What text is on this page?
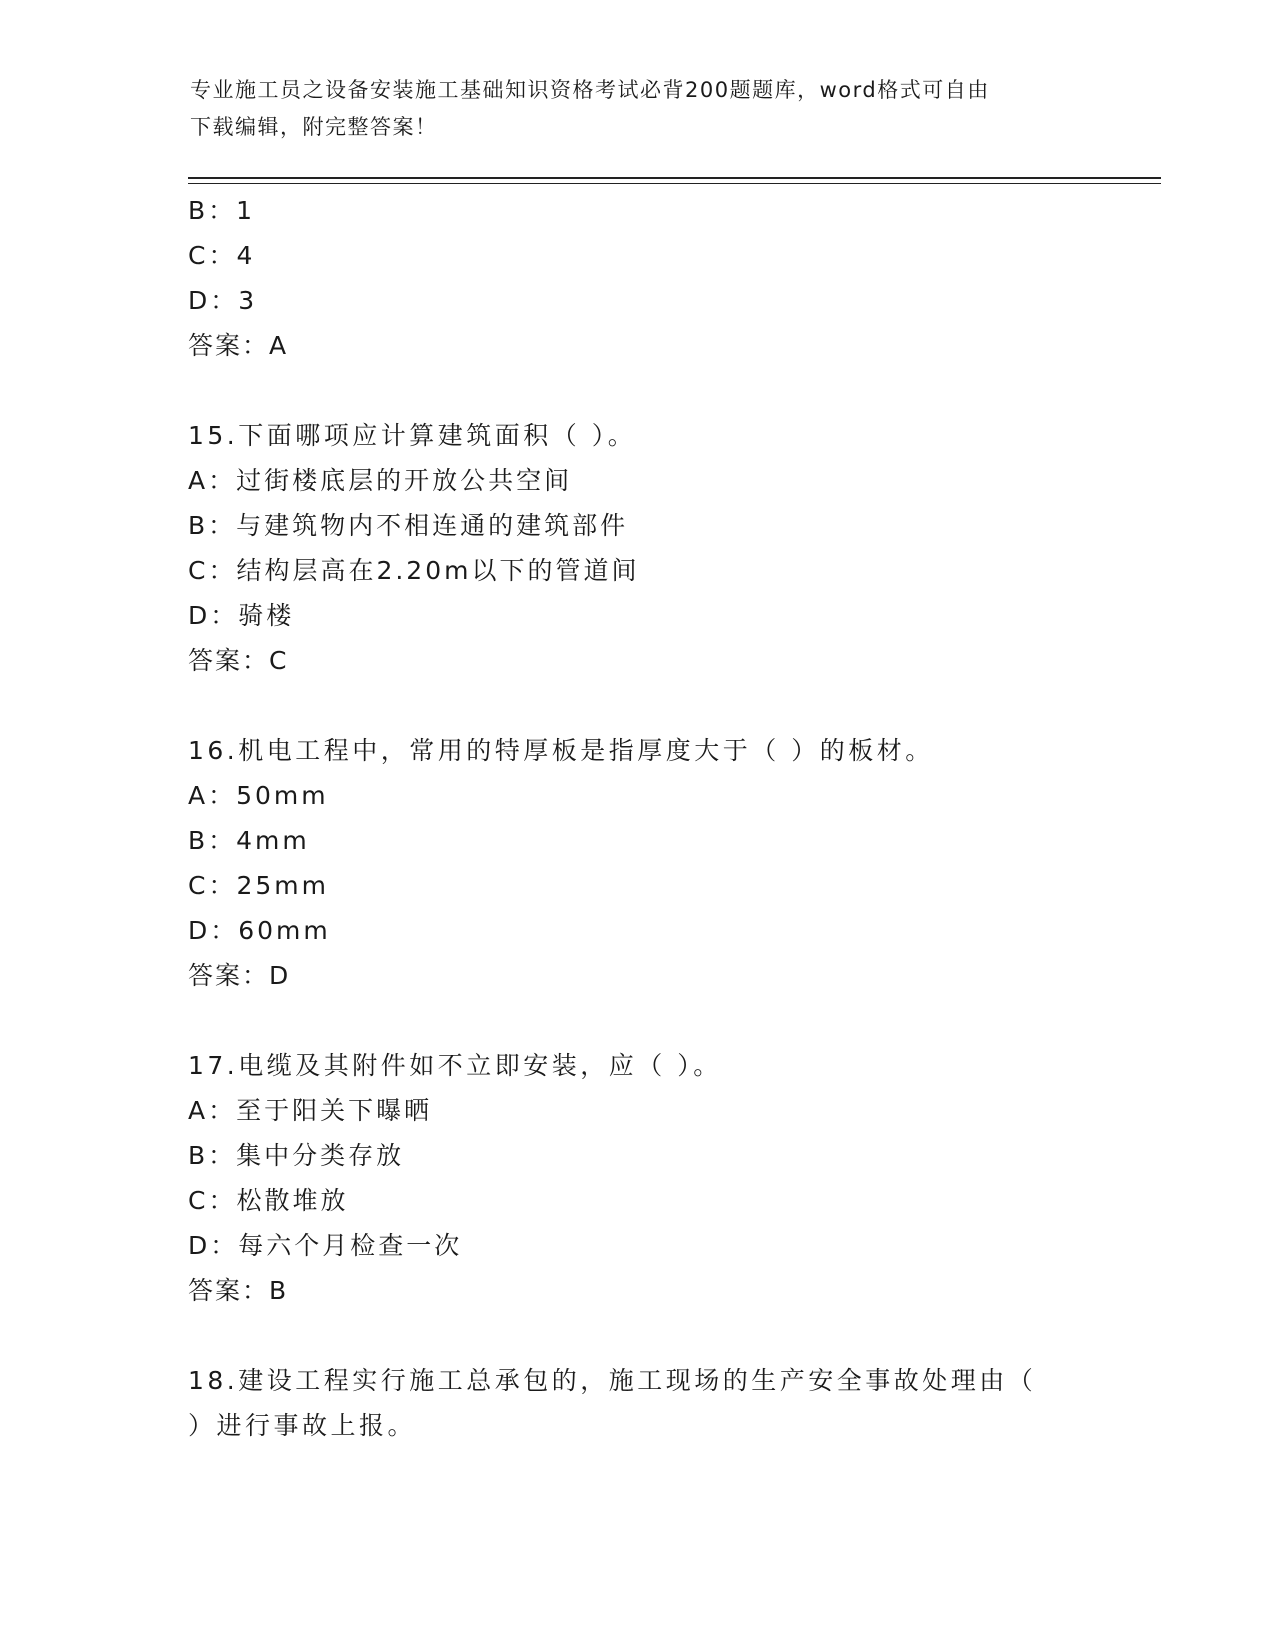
专业施工员之设备安装施工基础知识资格考试必背200题题库，word格式可自由
下载编辑，附完整答案！
B：1
C：4
D：3
答案：A
15.下面哪项应计算建筑面积（ ）。
A：过街楼底层的开放公共空间
B：与建筑物内不相连通的建筑部件
C：结构层高在2.20m以下的管道间
D：骑楼
答案：C
16.机电工程中，常用的特厚板是指厚度大于（ ）的板材。
A：50mm
B：4mm
C：25mm
D：60mm
答案：D
17.电缆及其附件如不立即安装，应（ ）。
A：至于阳关下曝晒
B：集中分类存放
C：松散堆放
D：每六个月检查一次
答案：B
18.建设工程实行施工总承包的，施工现场的生产安全事故处理由（
）进行事故上报。
